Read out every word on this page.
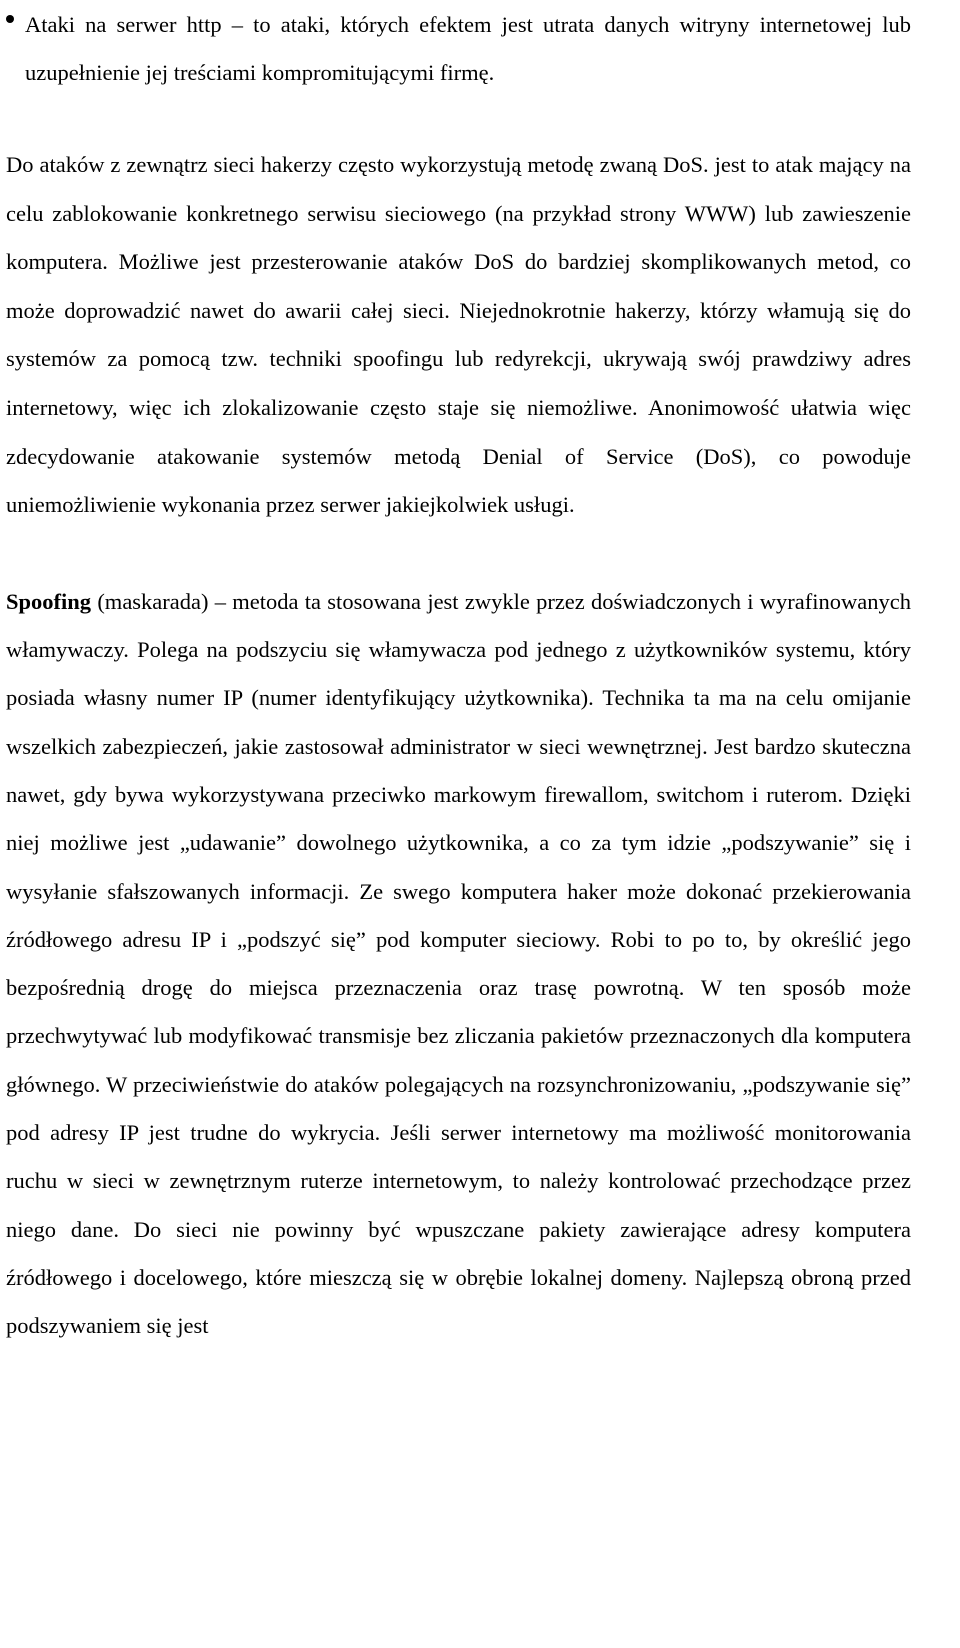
Ataki na serwer http – to ataki, których efektem jest utrata danych witryny internetowej lub uzupełnienie jej treściami kompromitującymi firmę.

Do ataków z zewnątrz sieci hakerzy często wykorzystują metodę zwaną DoS. jest to atak mający na celu zablokowanie konkretnego serwisu sieciowego (na przykład strony WWW) lub zawieszenie komputera. Możliwe jest przesterowanie ataków DoS do bardziej skomplikowanych metod, co może doprowadzić nawet do awarii całej sieci. Niejednokrotnie hakerzy, którzy włamują się do systemów za pomocą tzw. techniki spoofingu lub redyrekcji, ukrywają swój prawdziwy adres internetowy, więc ich zlokalizowanie często staje się niemożliwe. Anonimowość ułatwia więc zdecydowanie atakowanie systemów metodą Denial of Service (DoS), co powoduje uniemożliwienie wykonania przez serwer jakiejkolwiek usługi.

Spoofing (maskarada) – metoda ta stosowana jest zwykle przez doświadczonych i wyrafinowanych włamywaczy. Polega na podszyciu się włamywacza pod jednego z użytkowników systemu, który posiada własny numer IP (numer identyfikujący użytkownika). Technika ta ma na celu omijanie wszelkich zabezpieczeń, jakie zastosował administrator w sieci wewnętrznej. Jest bardzo skuteczna nawet, gdy bywa wykorzystywana przeciwko markowym firewallom, switchom i ruterom. Dzięki niej możliwe jest „udawanie” dowolnego użytkownika, a co za tym idzie „podszywanie” się i wysyłanie sfałszowanych informacji. Ze swego komputera haker może dokonać przekierowania źródłowego adresu IP i „podszyć się” pod komputer sieciowy. Robi to po to, by określić jego bezpośrednią drogę do miejsca przeznaczenia oraz trasę powrotną. W ten sposób może przechwytywać lub modyfikować transmisje bez zliczania pakietów przeznaczonych dla komputera głównego. W przeciwieństwie do ataków polegających na rozsynchronizowaniu, „podszywanie się” pod adresy IP jest trudne do wykrycia. Jeśli serwer internetowy ma możliwość monitorowania ruchu w sieci w zewnętrznym ruterze internetowym, to należy kontrolować przechodzące przez niego dane. Do sieci nie powinny być wpuszczane pakiety zawierające adresy komputera źródłowego i docelowego, które mieszczą się w obrębie lokalnej domeny. Najlepszą obroną przed podszywaniem się jest
